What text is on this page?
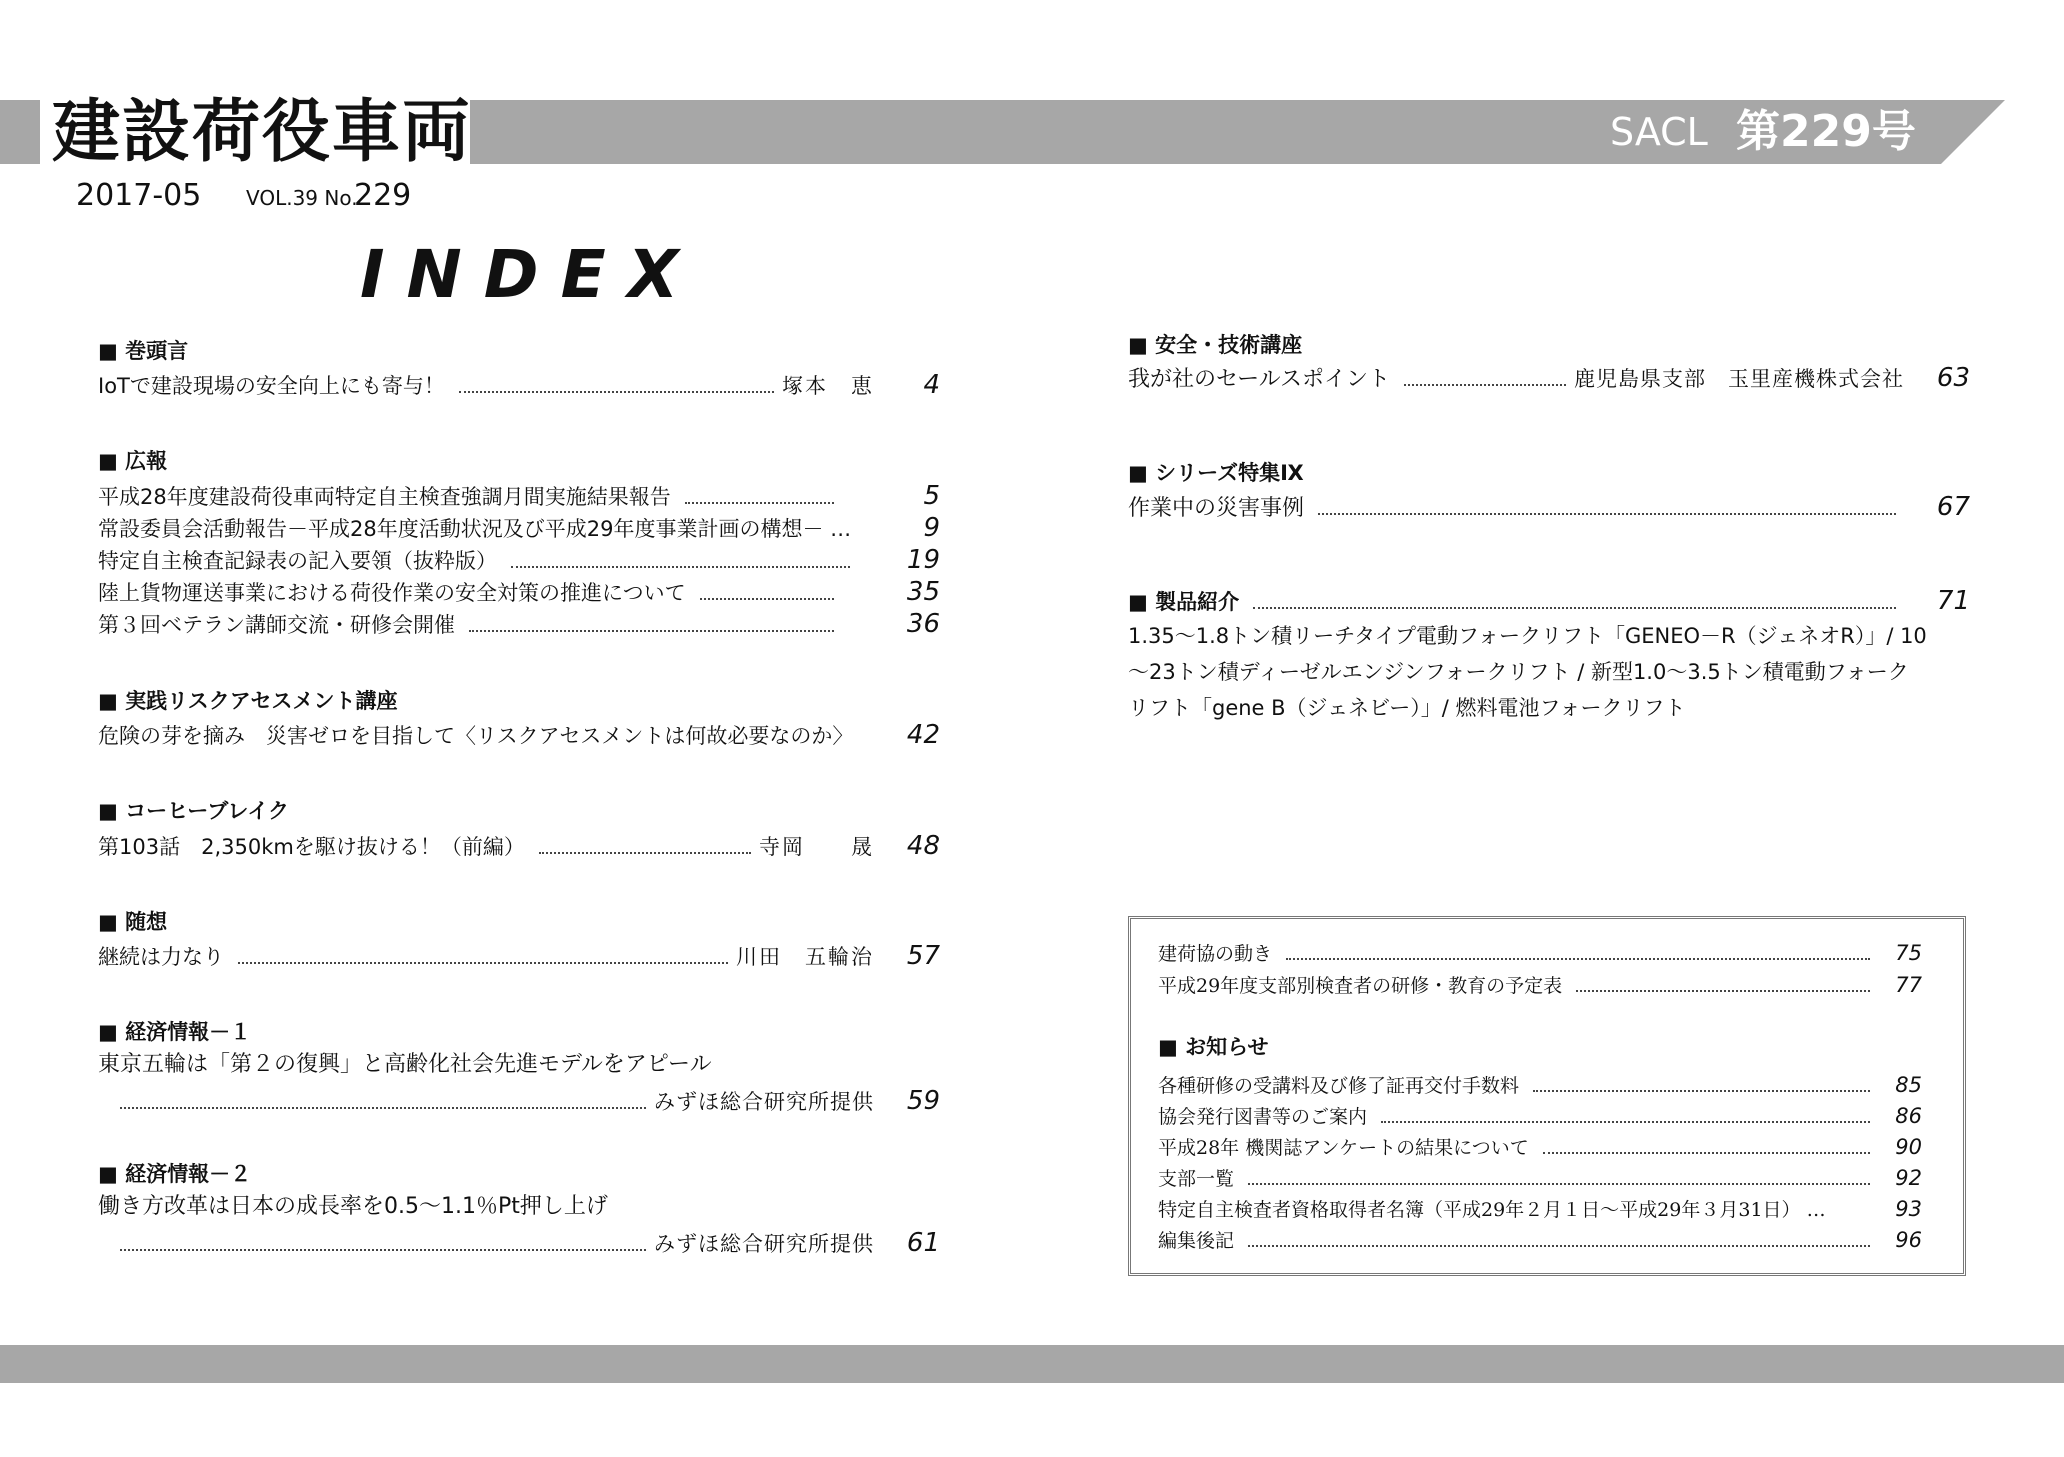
建設荷役車両	SACL 第229号
2017-05 VOL.39 No.
229
INDEX
■ 巻頭言
IoTで建設現場の安全向上にも寄与！	塚本　恵	4
■ 広報
平成28年度建設荷役車両特定自主検査強調月間実施結果報告	5
常設委員会活動報告－平成28年度活動状況及び平成29年度事業計画の構想－ …	9
特定自主検査記録表の記入要領（抜粋版）	19
陸上貨物運送事業における荷役作業の安全対策の推進について	35
第３回ベテラン講師交流・研修会開催	36
■ 実践リスクアセスメント講座
危険の芽を摘み　災害ゼロを目指して〈リスクアセスメントは何故必要なのか〉	42
■ コーヒーブレイク
第103話　2,350kmを駆け抜ける！（前編）	寺岡　　晟	48
■ 随想
継続は力なり	川田　五輪治	57
■ 経済情報－１
東京五輪は「第２の復興」と高齢化社会先進モデルをアピール
みずほ総合研究所提供	59
■ 経済情報－２
働き方改革は日本の成長率を0.5～1.1％Pt押し上げ
みずほ総合研究所提供	61
■ 安全・技術講座
我が社のセールスポイント	鹿児島県支部　玉里産機株式会社	63
■ シリーズ特集Ⅸ
作業中の災害事例	67
■ 製品紹介	71
1.35～1.8トン積リーチタイプ電動フォークリフト「GENEO－R（ジェネオR）」/ 10
～23トン積ディーゼルエンジンフォークリフト / 新型1.0～3.5トン積電動フォーク
リフト「gene B（ジェネビー）」/ 燃料電池フォークリフト
建荷協の動き	75
平成29年度支部別検査者の研修・教育の予定表	77
■ お知らせ
各種研修の受講料及び修了証再交付手数料	85
協会発行図書等のご案内	86
平成28年 機関誌アンケートの結果について	90
支部一覧	92
特定自主検査者資格取得者名簿（平成29年２月１日～平成29年３月31日） …	93
編集後記	96
